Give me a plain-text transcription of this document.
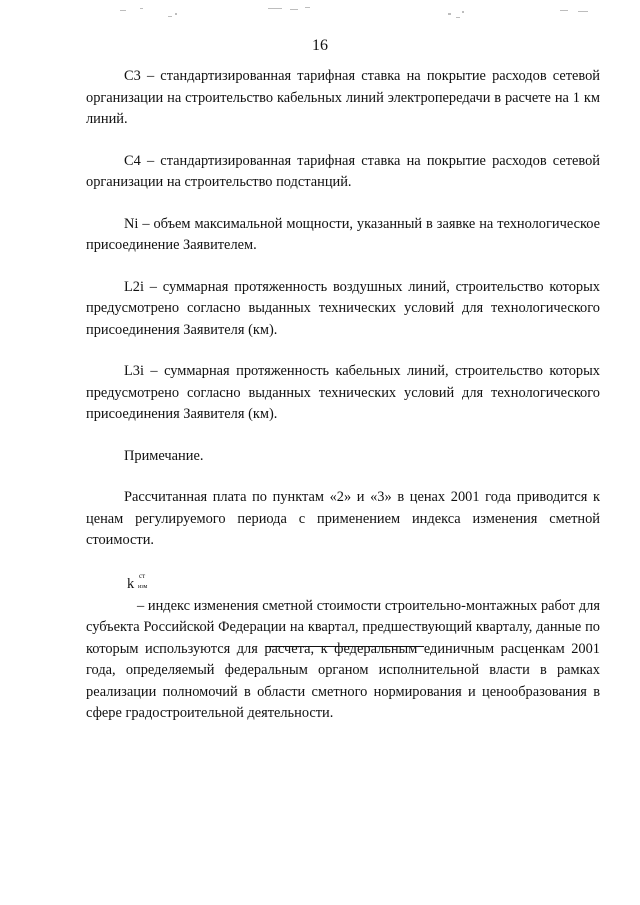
16

С3 – стандартизированная тарифная ставка на покрытие расходов сетевой организации на строительство кабельных линий электропередачи в расчете на 1 км линий.

С4 – стандартизированная тарифная ставка на покрытие расходов сетевой организации на строительство подстанций.

Ni – объем максимальной мощности, указанный в заявке на технологическое присоединение Заявителем.

L2i – суммарная протяженность воздушных линий, строительство которых предусмотрено согласно выданных технических условий для технологического присоединения Заявителя (км).

L3i – суммарная протяженность кабельных линий, строительство которых предусмотрено согласно выданных технических условий для технологического присоединения Заявителя (км).

Примечание.

Рассчитанная плата по пунктам «2» и «3» в ценах 2001 года приводится к ценам регулируемого периода с применением индекса изменения сметной стоимости.

k ст
изм

– индекс изменения сметной стоимости строительно-монтажных работ для субъекта Российской Федерации на квартал, предшествующий кварталу, данные по которым используются для расчета, к федеральным единичным расценкам 2001 года, определяемый федеральным органом исполнительной власти в рамках реализации полномочий в области сметного нормирования и ценообразования в сфере градостроительной деятельности.
